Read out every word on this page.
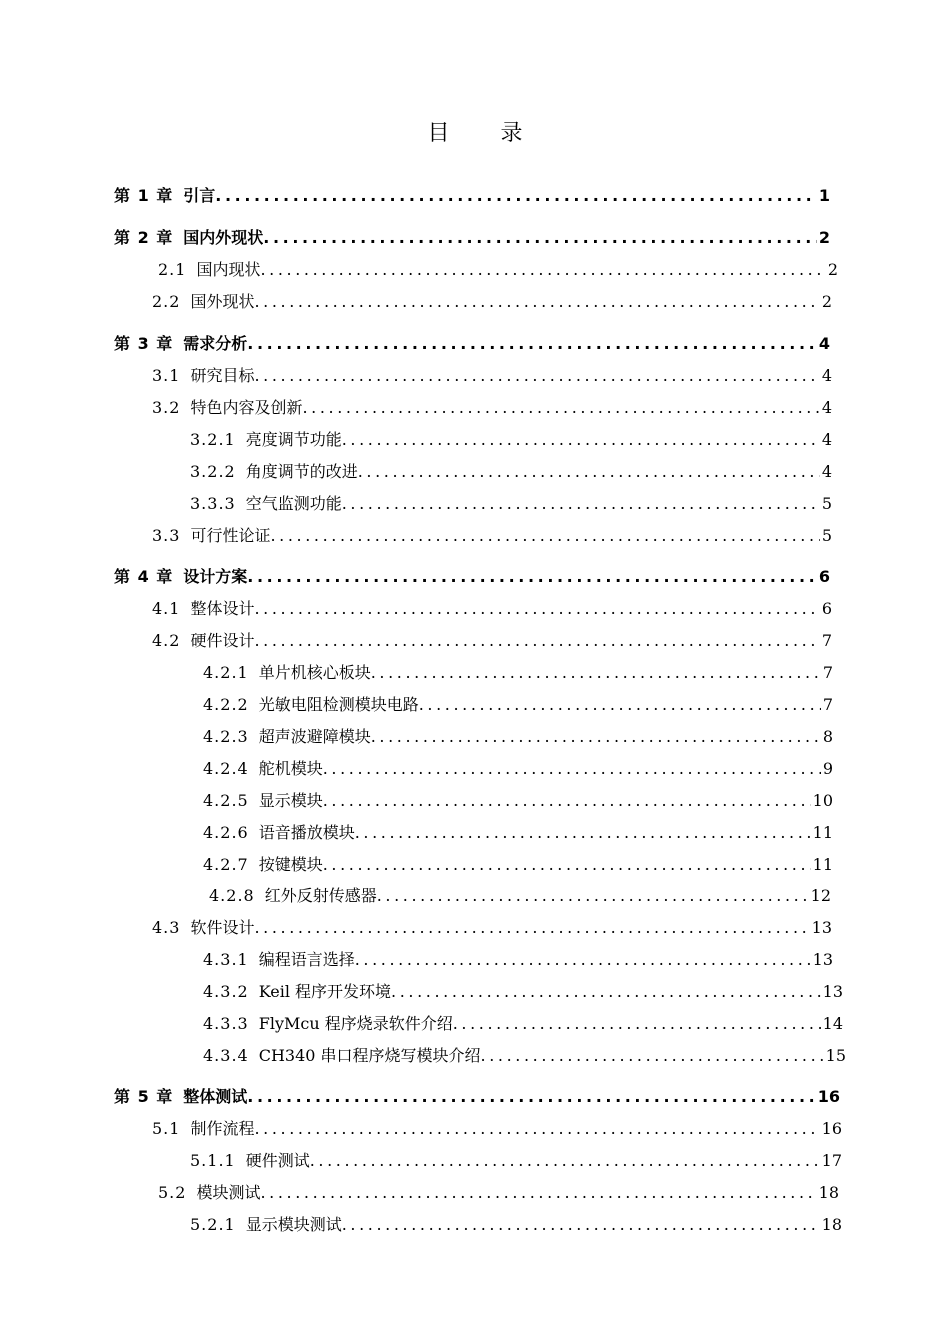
目 录
第 1 章 引言 .....	1
第 2 章 国内外现状 .....	2
2.1 国内现状 .....	2
2.2 国外现状 .....	2
第 3 章 需求分析 .....	4
3.1 研究目标 .....	4
3.2 特色内容及创新 .....	4
3.2.1 亮度调节功能 .....	4
3.2.2 角度调节的改进 .....	4
3.3.3 空气监测功能 .....	5
3.3 可行性论证 .....	5
第 4 章 设计方案 .....	6
4.1 整体设计 .....	6
4.2 硬件设计 .....	7
4.2.1 单片机核心板块 .....	7
4.2.2 光敏电阻检测模块电路 .....	7
4.2.3 超声波避障模块 .....	8
4.2.4 舵机模块 .....	9
4.2.5 显示模块 .....	10
4.2.6 语音播放模块 .....	11
4.2.7 按键模块 .....	11
4.2.8 红外反射传感器 .....	12
4.3 软件设计 .....	13
4.3.1 编程语言选择 .....	13
4.3.2 Keil 程序开发环境 .....	13
4.3.3 FlyMcu 程序烧录软件介绍 .....	14
4.3.4 CH340 串口程序烧写模块介绍 .....	15
第 5 章 整体测试 .....	16
5.1 制作流程 .....	16
5.1.1 硬件测试 .....	17
5.2 模块测试 .....	18
5.2.1 显示模块测试 .....	18
